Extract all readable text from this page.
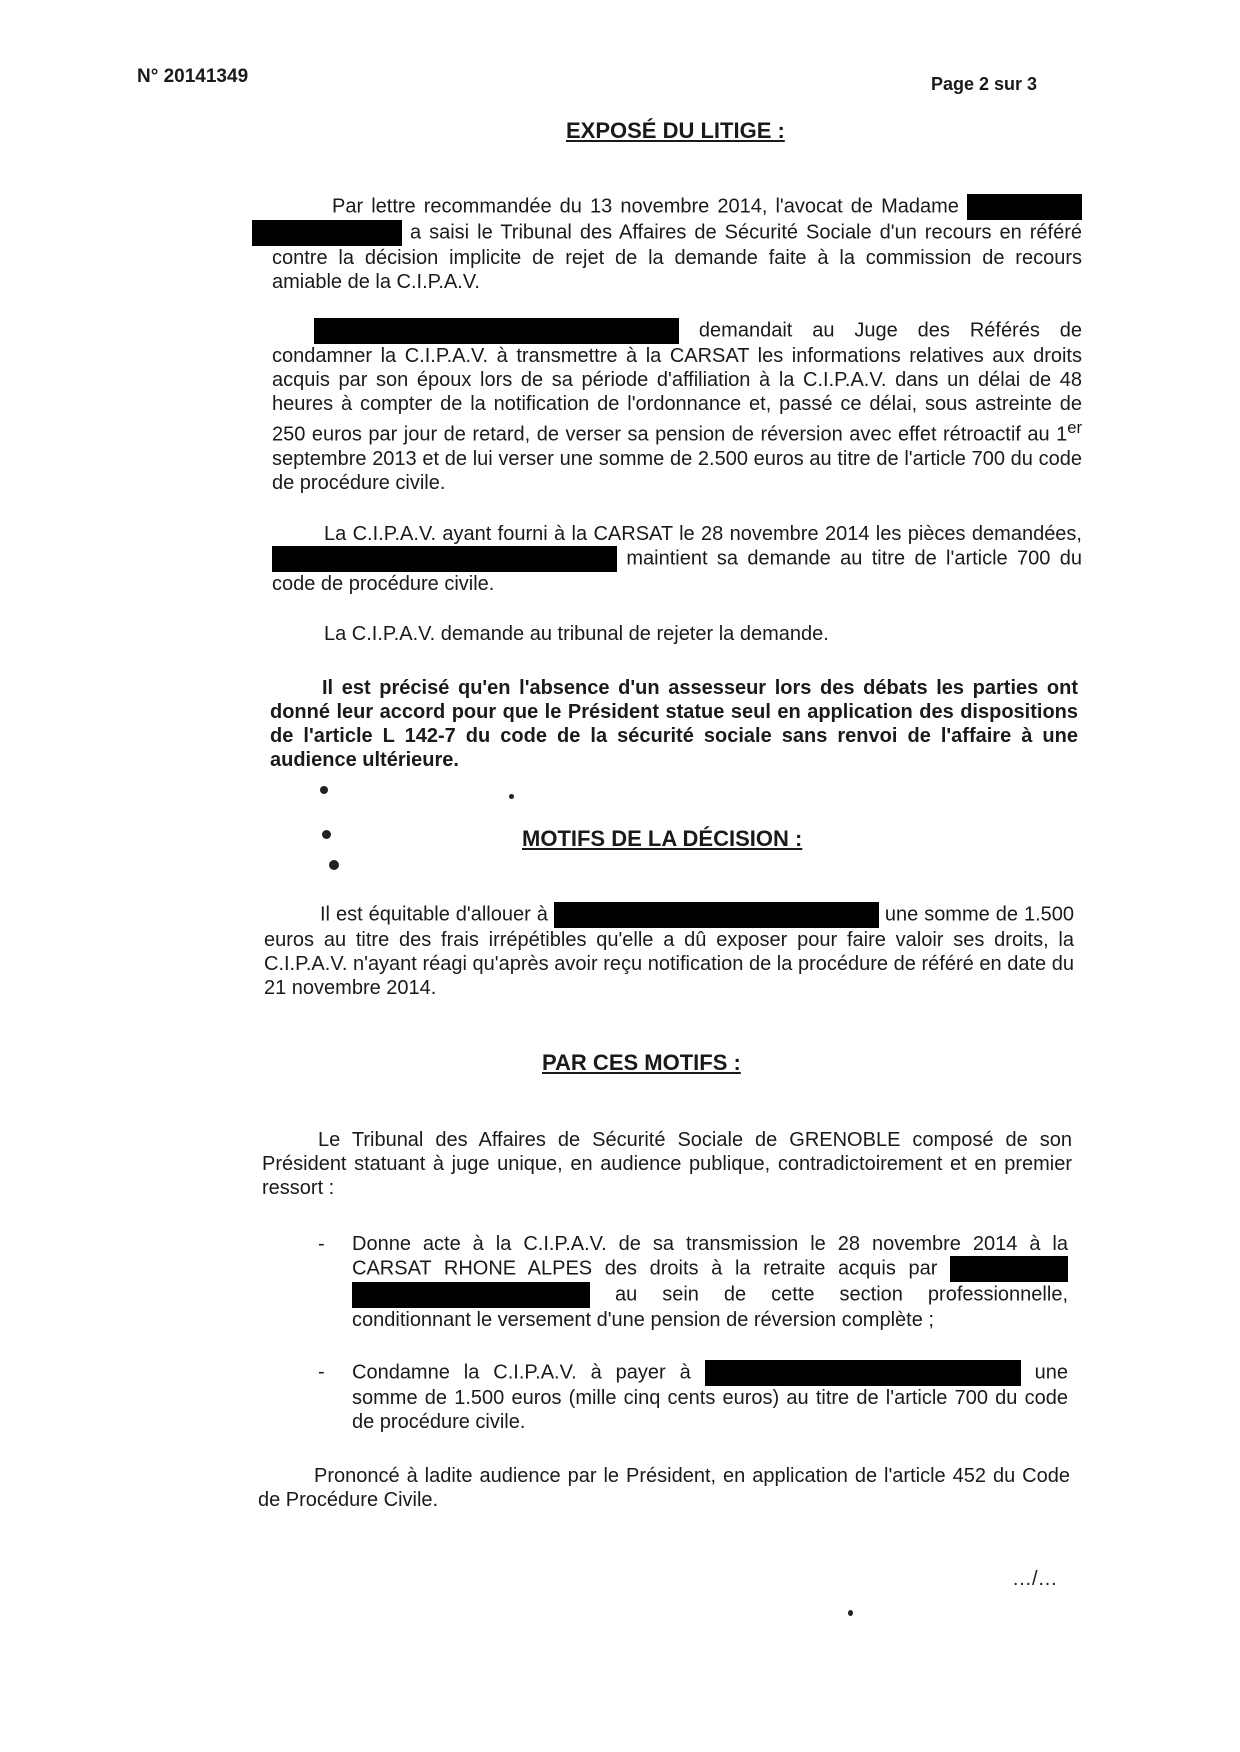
N° 20141349	Page 2 sur 3
EXPOSÉ DU LITIGE :

Par lettre recommandée du 13 novembre 2014, l'avocat de Madame   a saisi le Tribunal des Affaires de Sécurité Sociale d'un recours en référé contre la décision implicite de rejet de la demande faite à la commission de recours amiable de la C.I.P.A.V.

demandait au Juge des Référés de condamner la C.I.P.A.V. à transmettre à la CARSAT les informations relatives aux droits acquis par son époux lors de sa période d'affiliation à la C.I.P.A.V. dans un délai de 48 heures à compter de la notification de l'ordonnance et, passé ce délai, sous astreinte de 250 euros par jour de retard, de verser sa pension de réversion avec effet rétroactif au 1er septembre 2013 et de lui verser une somme de 2.500 euros au titre de l'article 700 du code de procédure civile.

La C.I.P.A.V. ayant fourni à la CARSAT le 28 novembre 2014 les pièces demandées,  maintient sa demande au titre de l'article 700 du code de procédure civile.

La C.I.P.A.V. demande au tribunal de rejeter la demande.

Il est précisé qu'en l'absence d'un assesseur lors des débats les parties ont donné leur accord pour que le Président statue seul en application des dispositions de l'article L 142-7 du code de la sécurité sociale sans renvoi de l'affaire à une audience ultérieure.

MOTIFS DE LA DÉCISION :

Il est équitable d'allouer à	une somme de 1.500 euros au titre des frais irrépétibles qu'elle a dû exposer pour faire valoir ses droits, la C.I.P.A.V. n'ayant réagi qu'après avoir reçu notification de la procédure de référé en date du 21 novembre 2014.

PAR CES MOTIFS :

Le Tribunal des Affaires de Sécurité Sociale de GRENOBLE composé de son Président statuant à juge unique, en audience publique, contradictoirement et en premier ressort :

- Donne acte à la C.I.P.A.V. de sa transmission le 28 novembre 2014 à la CARSAT RHONE ALPES des droits à la retraite acquis par   au sein de cette section professionnelle, conditionnant le versement d'une pension de réversion complète ;

- Condamne la C.I.P.A.V. à payer à	une somme de 1.500 euros (mille cinq cents euros) au titre de l'article 700 du code de procédure civile.

Prononcé à ladite audience par le Président, en application de l'article 452 du Code de Procédure Civile.

…/…
